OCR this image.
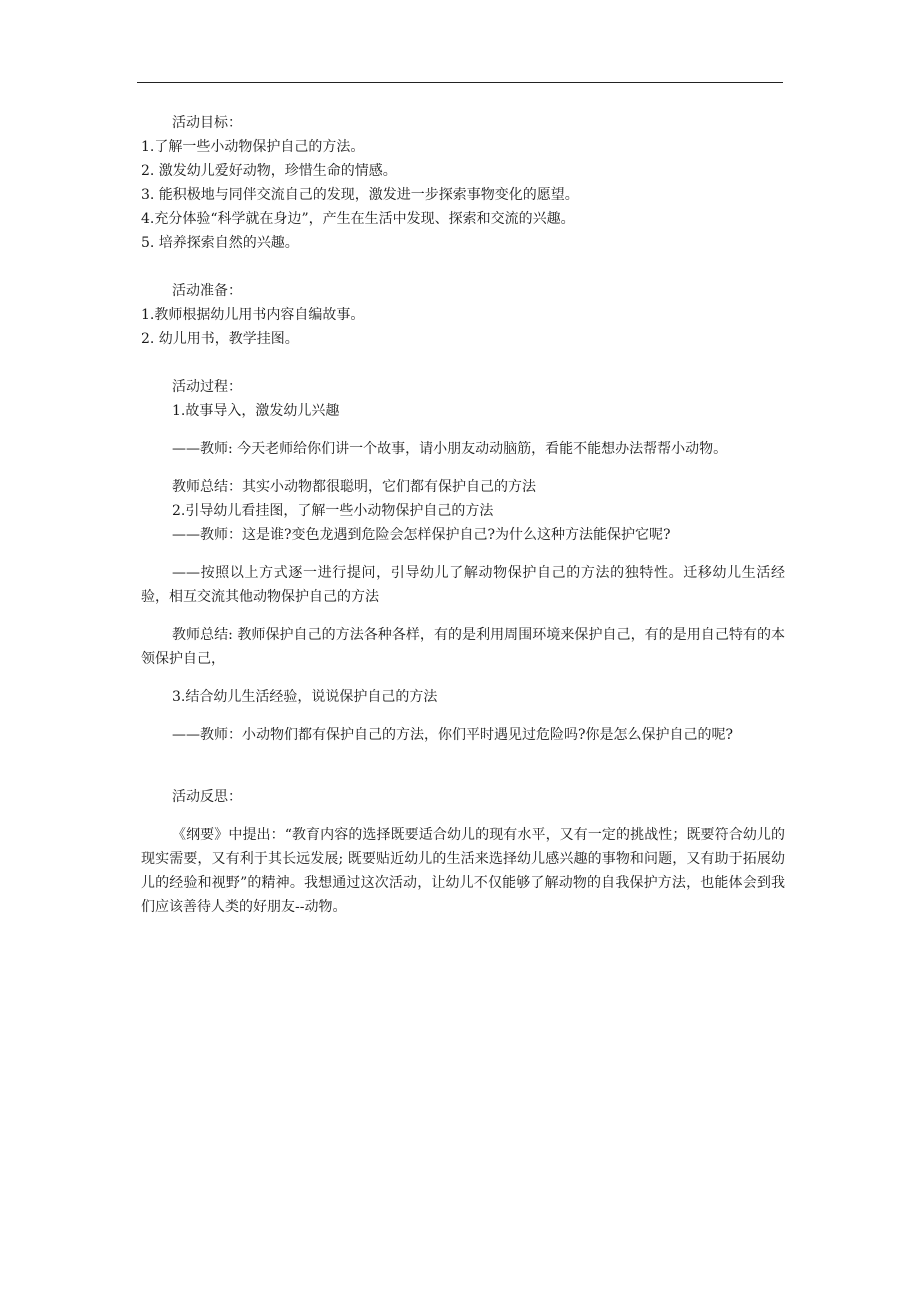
活动目标：

1.了解一些小动物保护自己的方法。

2. 激发幼儿爱好动物，珍惜生命的情感。

3. 能积极地与同伴交流自己的发现，激发进一步探索事物变化的愿望。

4.充分体验“科学就在身边”，产生在生活中发现、探索和交流的兴趣。

5. 培养探索自然的兴趣。

活动准备：

1.教师根据幼儿用书内容自编故事。

2. 幼儿用书，教学挂图。

活动过程：

1.故事导入，激发幼儿兴趣

——教师: 今天老师给你们讲一个故事，请小朋友动动脑筋，看能不能想办法帮帮小动物。

教师总结：其实小动物都很聪明，它们都有保护自己的方法

2.引导幼儿看挂图，了解一些小动物保护自己的方法

——教师：这是谁?变色龙遇到危险会怎样保护自己?为什么这种方法能保护它呢?

——按照以上方式逐一进行提问，引导幼儿了解动物保护自己的方法的独特性。迁移幼儿生活经验，相互交流其他动物保护自己的方法

教师总结: 教师保护自己的方法各种各样，有的是利用周围环境来保护自己，有的是用自己特有的本领保护自己，

3.结合幼儿生活经验，说说保护自己的方法

——教师：小动物们都有保护自己的方法，你们平时遇见过危险吗?你是怎么保护自己的呢?

活动反思：

《纲要》中提出：“教育内容的选择既要适合幼儿的现有水平，又有一定的挑战性；既要符合幼儿的现实需要，又有利于其长远发展; 既要贴近幼儿的生活来选择幼儿感兴趣的事物和问题，又有助于拓展幼儿的经验和视野”的精神。我想通过这次活动，让幼儿不仅能够了解动物的自我保护方法，也能体会到我们应该善待人类的好朋友--动物。
